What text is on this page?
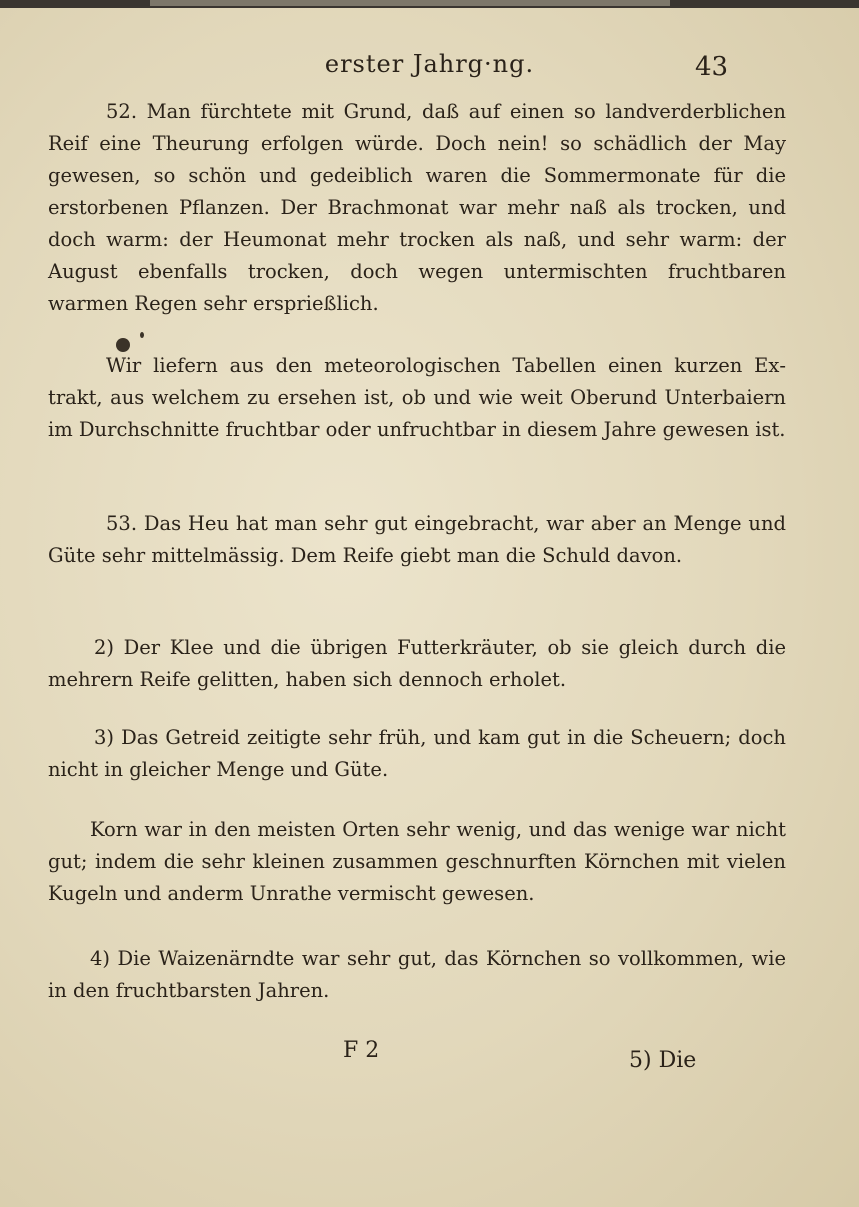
erster Jahrg·ng.	43

52. Man fürchtete mit Grund, daß auf einen so landverderblichen Reif eine Theurung erfolgen würde. Doch nein! so schädlich der May gewesen, so schön und gedeiblich waren die Sommermonate für die erstorbenen Pflanzen. Der Brachmonat war mehr naß als trocken, und doch warm: der Heumonat mehr trocken als naß, und sehr warm: der August ebenfalls trocken, doch wegen untermischten fruchtbaren warmen Regen sehr ersprießlich.

Wir liefern aus den meteorologischen Tabellen einen kurzen Extrakt, aus welchem zu ersehen ist, ob und wie weit Oberund Unterbaiern im Durchschnitte fruchtbar oder unfruchtbar in diesem Jahre gewesen ist.

53. Das Heu hat man sehr gut eingebracht, war aber an Menge und Güte sehr mittelmässig. Dem Reife giebt man die Schuld davon.

2) Der Klee und die übrigen Futterkräuter, ob sie gleich durch die mehrern Reife gelitten, haben sich dennoch erholet.

3) Das Getreid zeitigte sehr früh, und kam gut in die Scheuern; doch nicht in gleicher Menge und Güte.

Korn war in den meisten Orten sehr wenig, und das wenige war nicht gut; indem die sehr kleinen zusammen geschnurften Körnchen mit vielen Kugeln und anderm Unrathe vermischt gewesen.

4) Die Waizenärndte war sehr gut, das Körnchen so vollkommen, wie in den fruchtbarsten Jahren.

F 2	5) Die
